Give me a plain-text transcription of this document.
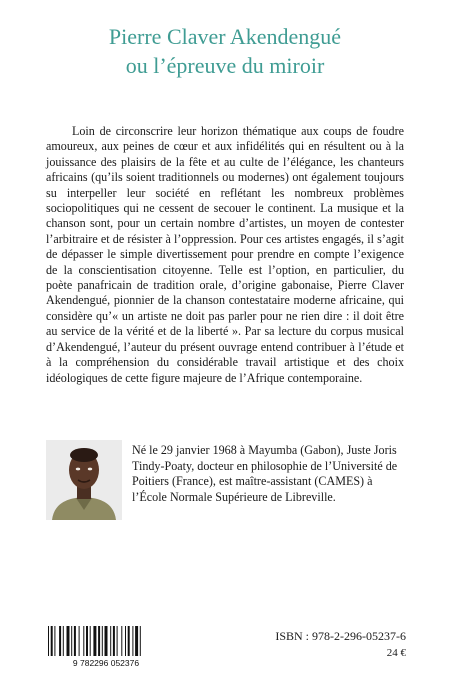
Pierre Claver Akendengué
ou l’épreuve du miroir

Loin de circonscrire leur horizon thématique aux coups de foudre amoureux, aux peines de cœur et aux infidélités qui en résultent ou à la jouissance des plaisirs de la fête et au culte de l’élégance, les chanteurs africains (qu’ils soient traditionnels ou modernes) ont également toujours su interpeller leur société en reflétant les nombreux problèmes sociopolitiques qui ne cessent de secouer le continent. La musique et la chanson sont, pour un certain nombre d’artistes, un moyen de contester l’arbitraire et de résister à l’oppression. Pour ces artistes engagés, il s’agit de dépasser le simple divertissement pour prendre en compte l’exigence de la conscientisation citoyenne. Telle est l’option, en particulier, du poète panafricain de tradition orale, d’origine gabonaise, Pierre Claver Akendengué, pionnier de la chanson contestataire moderne africaine, qui considère qu’« un artiste ne doit pas parler pour ne rien dire : il doit être au service de la vérité et de la liberté ». Par sa lecture du corpus musical d’Akendengué, l’auteur du présent ouvrage entend contribuer à l’étude et à la compréhension du considérable travail artistique et des choix idéologiques de cette figure majeure de l’Afrique contemporaine.

Né le 29 janvier 1968 à Mayumba (Gabon), Juste Joris Tindy-Poaty, docteur en philosophie de l’Université de Poitiers (France), est maître-assistant (CAMES) à l’École Normale Supérieure de Libreville.

9 782296 052376

ISBN : 978-2-296-05237-6

24 €
